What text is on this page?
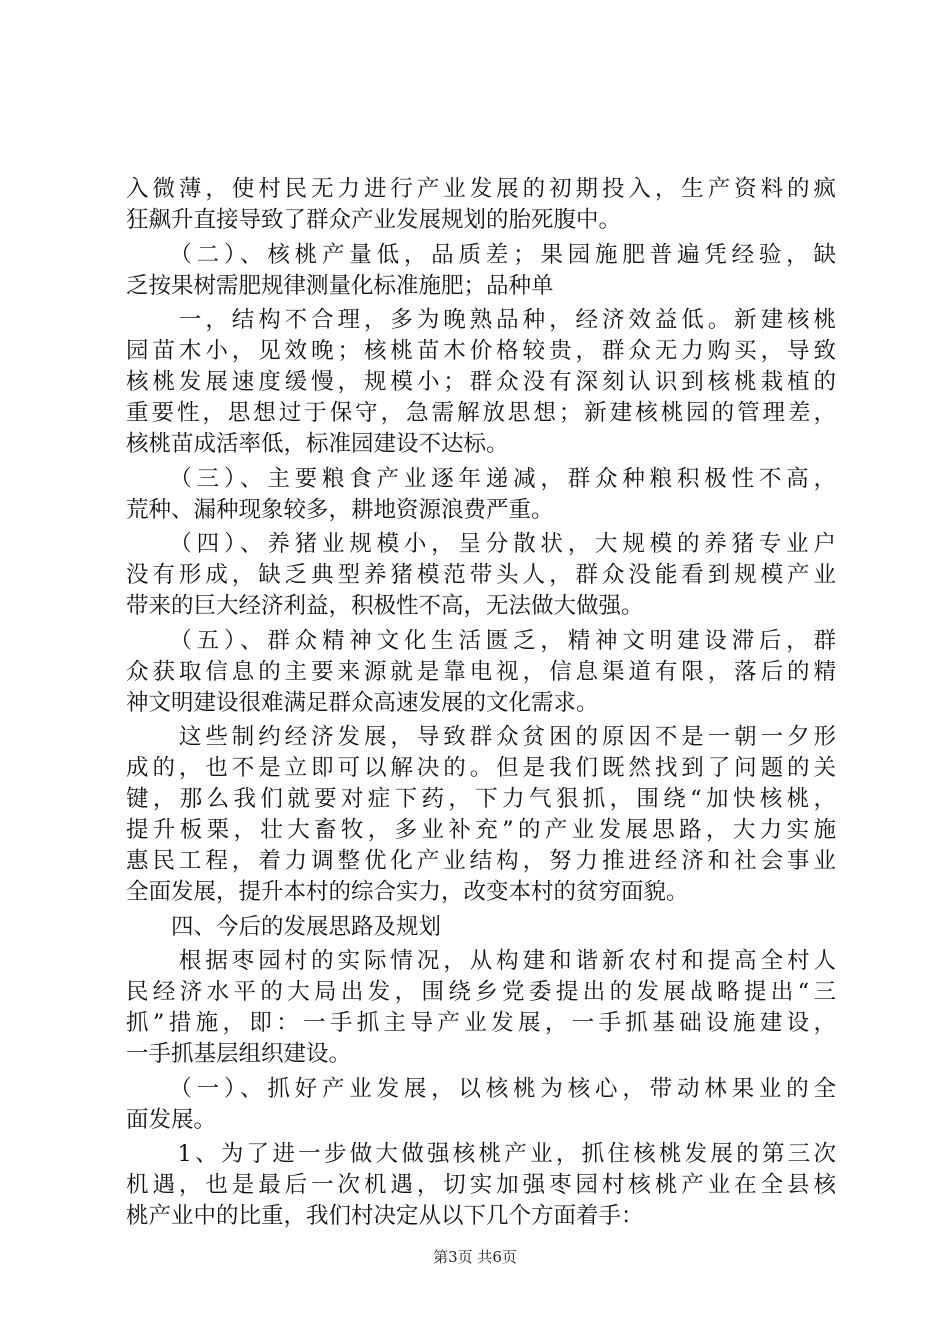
入微薄，使村民无力进行产业发展的初期投入，生产资料的疯

狂飙升直接导致了群众产业发展规划的胎死腹中。

　　（二）、核桃产量低，品质差；果园施肥普遍凭经验，缺

乏按果树需肥规律测量化标准施肥；品种单

　　一，结构不合理，多为晚熟品种，经济效益低。新建核桃

园苗木小，见效晚；核桃苗木价格较贵，群众无力购买，导致

核桃发展速度缓慢，规模小；群众没有深刻认识到核桃栽植的

重要性，思想过于保守，急需解放思想；新建核桃园的管理差，

核桃苗成活率低，标准园建设不达标。

　　（三）、主要粮食产业逐年递减，群众种粮积极性不高，

荒种、漏种现象较多，耕地资源浪费严重。

　　（四）、养猪业规模小，呈分散状，大规模的养猪专业户

没有形成，缺乏典型养猪模范带头人，群众没能看到规模产业

带来的巨大经济利益，积极性不高，无法做大做强。

　　（五）、群众精神文化生活匮乏，精神文明建设滞后，群

众获取信息的主要来源就是靠电视，信息渠道有限，落后的精

神文明建设很难满足群众高速发展的文化需求。

　　这些制约经济发展，导致群众贫困的原因不是一朝一夕形

成的，也不是立即可以解决的。但是我们既然找到了问题的关

键，那么我们就要对症下药，下力气狠抓，围绕“加快核桃，

提升板栗，壮大畜牧，多业补充”的产业发展思路，大力实施

惠民工程，着力调整优化产业结构，努力推进经济和社会事业

全面发展，提升本村的综合实力，改变本村的贫穷面貌。

　　四、今后的发展思路及规划

　　根据枣园村的实际情况，从构建和谐新农村和提高全村人

民经济水平的大局出发，围绕乡党委提出的发展战略提出“三

抓”措施，即：一手抓主导产业发展，一手抓基础设施建设，

一手抓基层组织建设。

　　（一）、抓好产业发展，以核桃为核心，带动林果业的全

面发展。

　　1、为了进一步做大做强核桃产业，抓住核桃发展的第三次

机遇，也是最后一次机遇，切实加强枣园村核桃产业在全县核

桃产业中的比重，我们村决定从以下几个方面着手：

第3页 共6页
